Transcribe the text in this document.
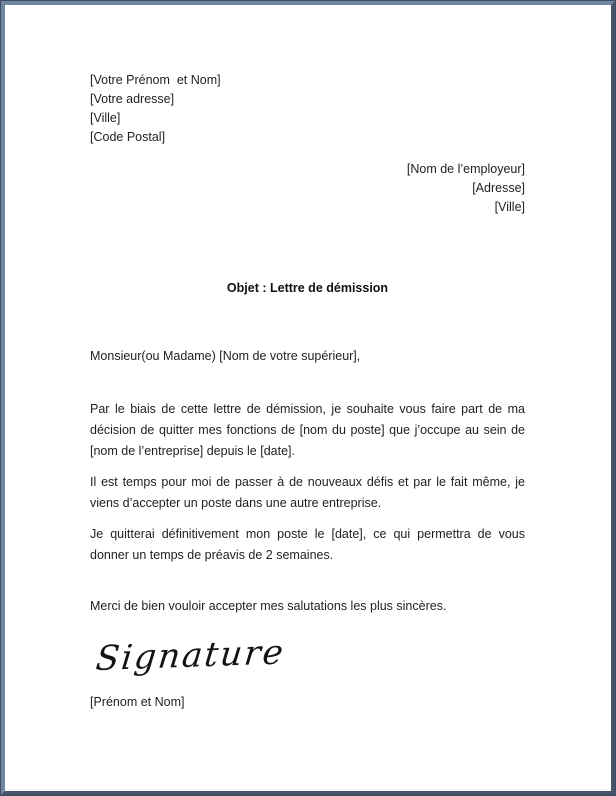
[Votre Prénom  et Nom]
[Votre adresse]
[Ville]
[Code Postal]
[Nom de l’employeur]
[Adresse]
[Ville]
Objet : Lettre de démission
Monsieur(ou Madame) [Nom de votre supérieur],

Par le biais de cette lettre de démission, je souhaite vous faire part de ma décision de quitter mes fonctions de [nom du poste] que j’occupe au sein de [nom de l’entreprise] depuis le [date].

Il est temps pour moi de passer à de nouveaux défis et par le fait même, je viens d’accepter un poste dans une autre entreprise.

Je quitterai définitivement mon poste le [date], ce qui permettra de vous donner un temps de préavis de 2 semaines.

Merci de bien vouloir accepter mes salutations les plus sincères.
Signature
[Prénom et Nom]
